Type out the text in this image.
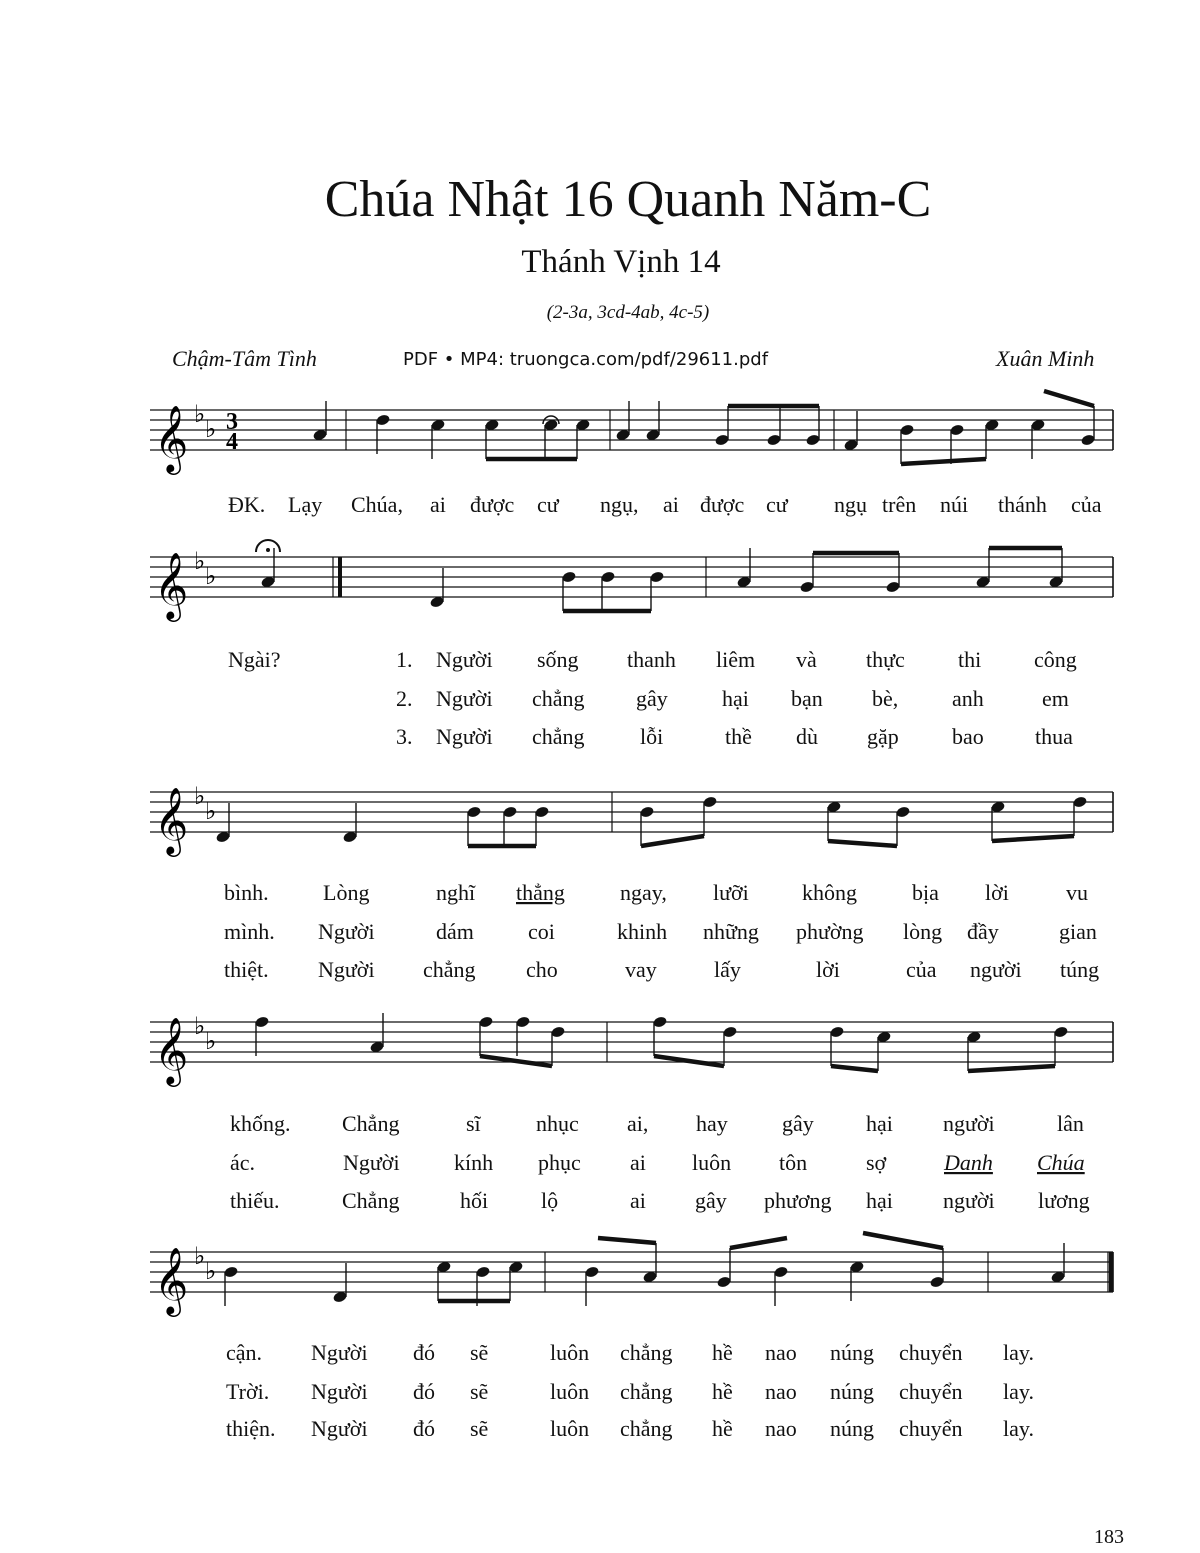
Chúa Nhật 16 Quanh Năm-C
Thánh Vịnh 14
(2-3a, 3cd-4ab, 4c-5)
Chậm-Tâm Tình	PDF • MP4: truongca.com/pdf/29611.pdf	Xuân Minh
𝄞 ♭
♭ 3
4
𝄞 ♭
♭
𝄞 ♭
♭
𝄞 ♭
♭
𝄞 ♭
♭
ĐK. Lạy Chúa, ai được cư ngụ, ai được cư ngụ trên núi thánh của
Ngài?	1. Người sống thanh liêm và thực thi công
2. Người chẳng gây hại bạn bè, anh	em
3. Người chẳng	lỗi	thề dù gặp bao thua
bình. Lòng	nghĩ thẳng	ngay, lưỡi không	bịa lời	vu
mình. Người	dám coi	khinh những phường lòng đầy	gian
thiệt. Người chẳng cho	vay	lấy	lời	của người túng
khống. Chẳng	sĩ	nhục ai, hay gây hại người	lân
ác.	Người kính phục ai luôn tôn	sợ	Danh Chúa
thiếu.	Chẳng	hối lộ	ai gây phương hại người lương
cận. Người đó sẽ	luôn chẳng hề nao núng chuyển lay.
Trời. Người đó sẽ	luôn chẳng hề nao núng chuyển lay.
thiện. Người đó sẽ	luôn chẳng hề nao núng chuyển lay.
183
